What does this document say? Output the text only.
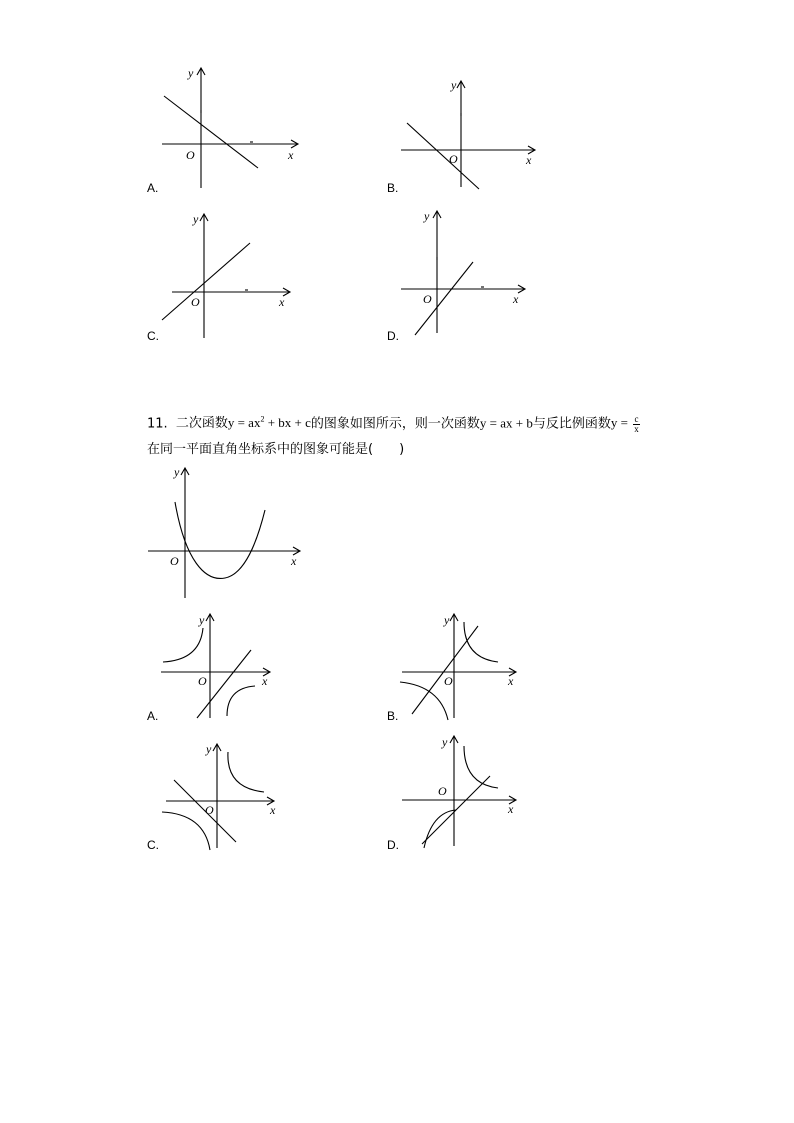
O	x
y
A.
O	x
y
B.
O	x
y
C.
O	x
y
D.
11. 二次函数$y = ax^2$ + bx + c的图象如图所示，则一次函数y = ax + b与反比例函数$y = \frac{c}{x}$
在同一平面直角坐标系中的图象可能是(　　)
O	x
y
O	x
y
A.
O	x
y
B.
O	x
y
C.
O
x
y
D.
